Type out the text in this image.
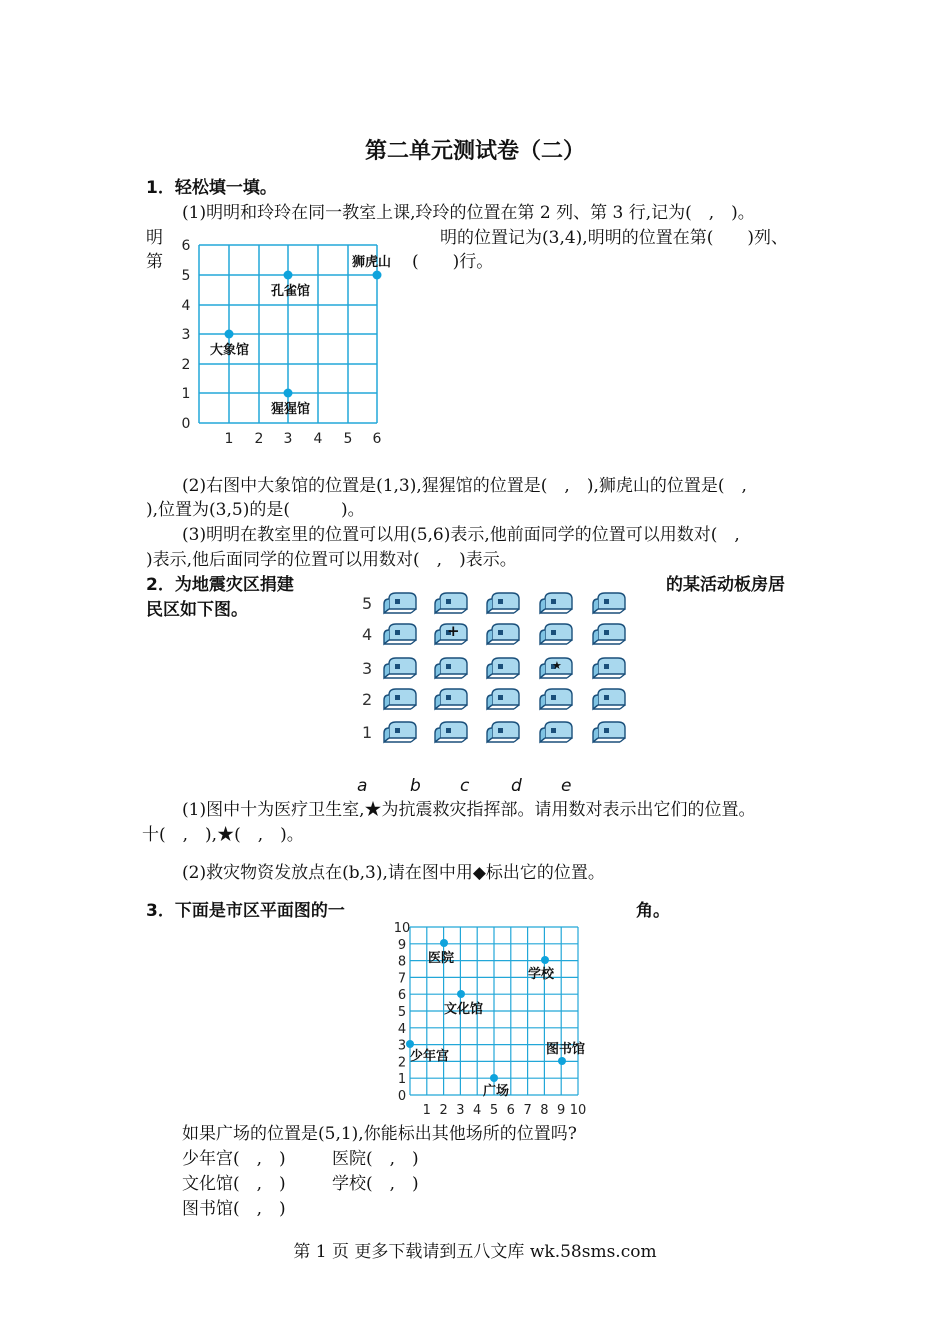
第二单元测试卷（二）
1．轻松填一填。
(1)明明和玲玲在同一教室上课,玲玲的位置在第 2 列、第 3 行,记为(　,　)。
明
第
明的位置记为(3,4),明明的位置在第(　　)列、
(　　)行。
0
1
2
3
4
5
6
1 2 3 4 5 6
狮虎山
孔雀馆
大象馆
猩猩馆
(2)右图中大象馆的位置是(1,3),猩猩馆的位置是(　,　),狮虎山的位置是(　,
),位置为(3,5)的是(　　　)。
(3)明明在教室里的位置可以用(5,6)表示,他前面同学的位置可以用数对(　,
)表示,他后面同学的位置可以用数对(　,　)表示。
2．为地震灾区捐建	的某活动板房居
民区如下图。	5
4
3
2
1
+
★
a	b c d e
(1)图中十为医疗卫生室,★为抗震救灾指挥部。请用数对表示出它们的位置。
十(　,　),★(　,　)。
(2)救灾物资发放点在(b,3),请在图中用◆标出它的位置。
3．下面是市区平面图的一	角。
0
1
2
3
4
5
6
7
8
9
10
1 2 3 4 5 6 7 8 9 10
医院
学校
文化馆
少年宫	图书馆
广场
如果广场的位置是(5,1),你能标出其他场所的位置吗?
少年宫(　,　)	医院(　,　)
文化馆(　,　)	学校(　,　)
图书馆(　,　)
第 1 页 更多下载请到五八文库 wk.58sms.com
